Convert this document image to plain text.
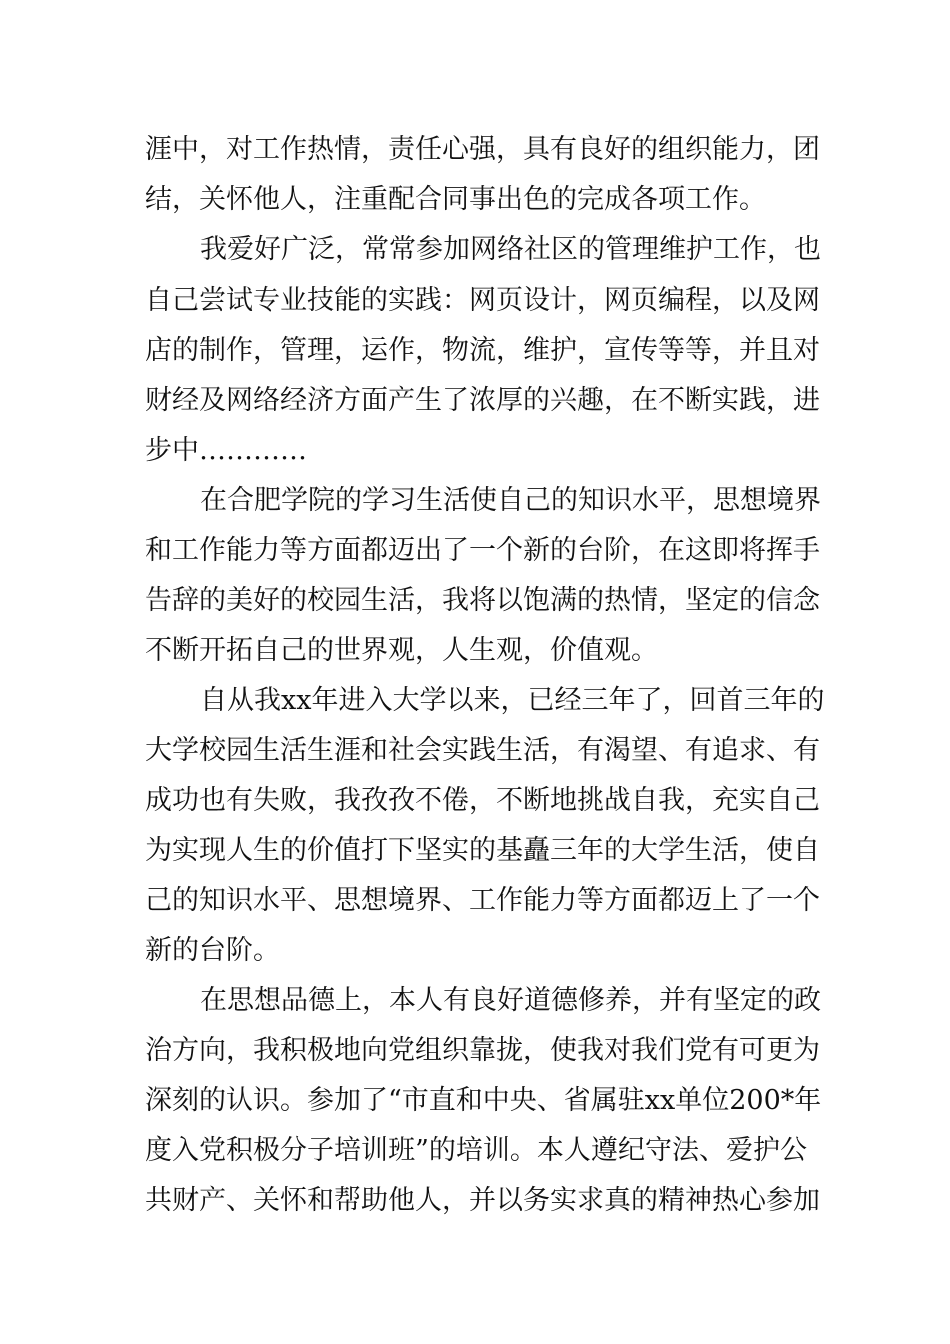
涯中，对工作热情，责任心强，具有良好的组织能力，团
结，关怀他人，注重配合同事出色的完成各项工作。
我爱好广泛，常常参加网络社区的管理维护工作，也
自己尝试专业技能的实践：网页设计，网页编程，以及网
店的制作，管理，运作，物流，维护，宣传等等，并且对
财经及网络经济方面产生了浓厚的兴趣，在不断实践，进
步中…………
在合肥学院的学习生活使自己的知识水平，思想境界
和工作能力等方面都迈出了一个新的台阶，在这即将挥手
告辞的美好的校园生活，我将以饱满的热情，坚定的信念
不断开拓自己的世界观，人生观，价值观。
自从我xx年进入大学以来，已经三年了，回首三年的
大学校园生活生涯和社会实践生活，有渴望、有追求、有
成功也有失败，我孜孜不倦，不断地挑战自我，充实自己
为实现人生的价值打下坚实的基矗三年的大学生活，使自
己的知识水平、思想境界、工作能力等方面都迈上了一个
新的台阶。
在思想品德上，本人有良好道德修养，并有坚定的政
治方向，我积极地向党组织靠拢，使我对我们党有可更为
深刻的认识。参加了“市直和中央、省属驻xx单位200*年
度入党积极分子培训班”的培训。本人遵纪守法、爱护公
共财产、关怀和帮助他人，并以务实求真的精神热心参加
